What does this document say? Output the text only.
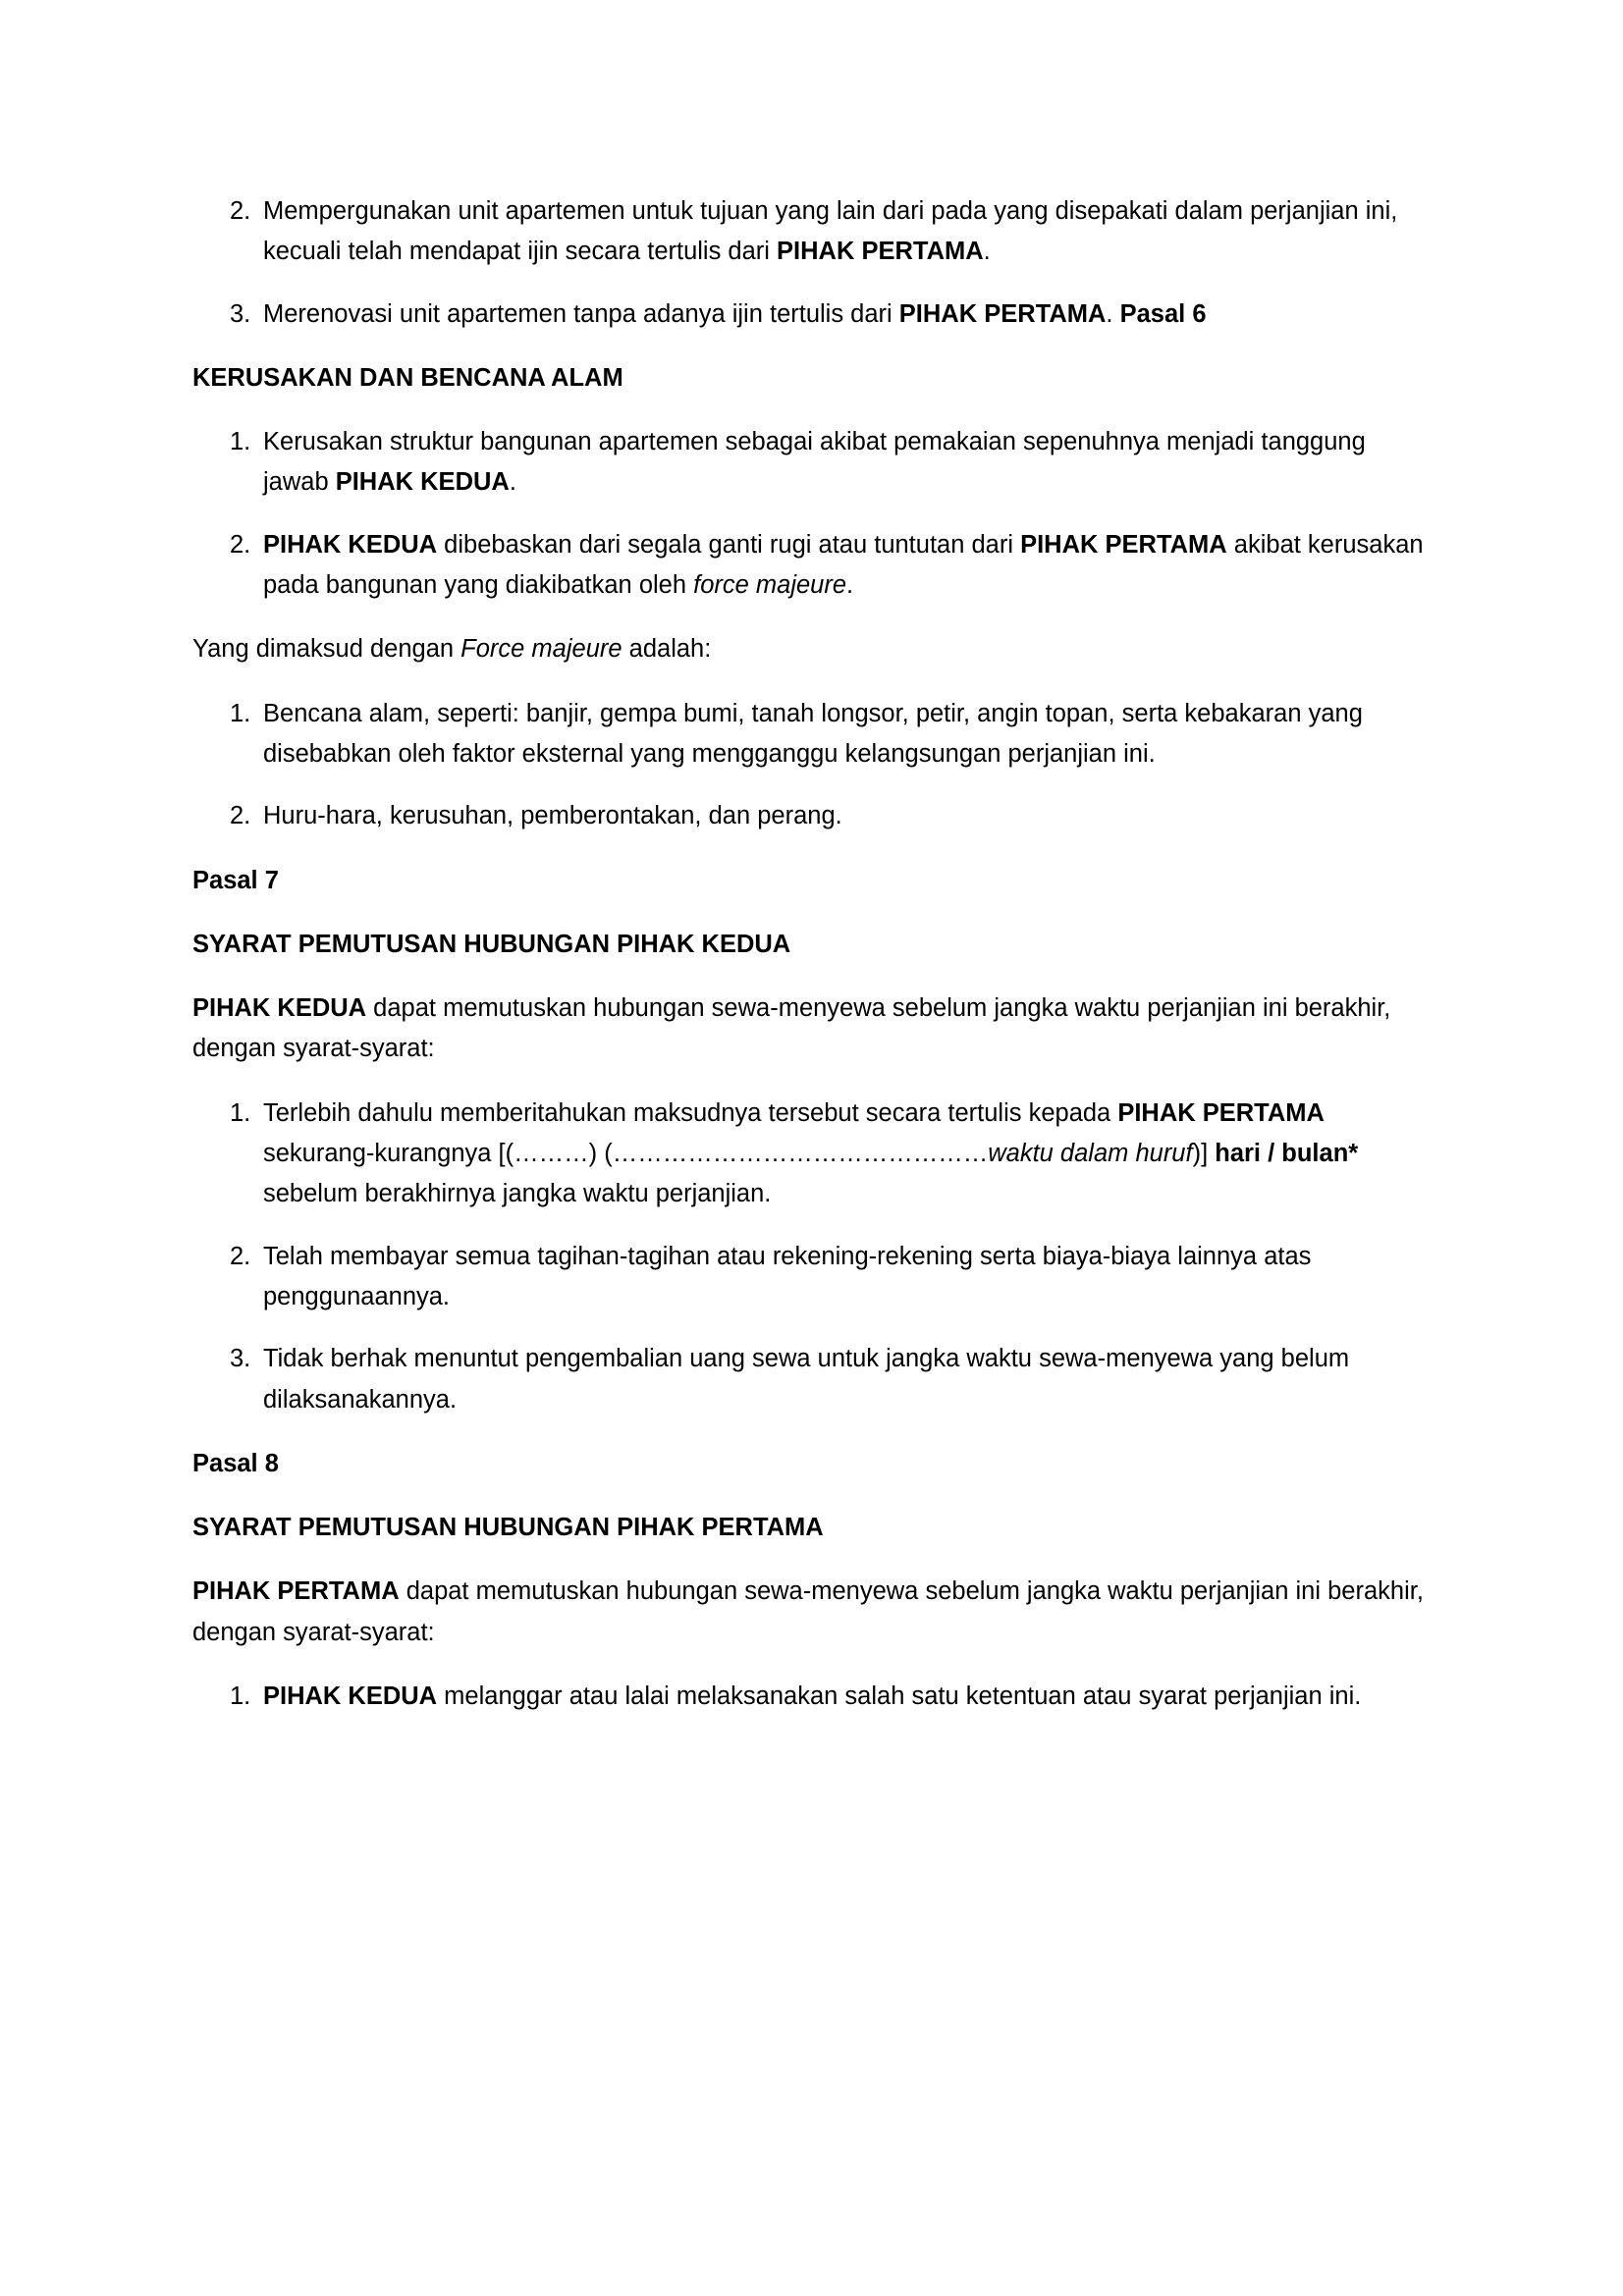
2. Mempergunakan unit apartemen untuk tujuan yang lain dari pada yang disepakati dalam perjanjian ini, kecuali telah mendapat ijin secara tertulis dari PIHAK PERTAMA.
3. Merenovasi unit apartemen tanpa adanya ijin tertulis dari PIHAK PERTAMA. Pasal 6

KERUSAKAN DAN BENCANA ALAM

1. Kerusakan struktur bangunan apartemen sebagai akibat pemakaian sepenuhnya menjadi tanggung jawab PIHAK KEDUA.
2. PIHAK KEDUA dibebaskan dari segala ganti rugi atau tuntutan dari PIHAK PERTAMA akibat kerusakan pada bangunan yang diakibatkan oleh force majeure.

Yang dimaksud dengan Force majeure adalah:

1. Bencana alam, seperti: banjir, gempa bumi, tanah longsor, petir, angin topan, serta kebakaran yang disebabkan oleh faktor eksternal yang mengganggu kelangsungan perjanjian ini.
2. Huru-hara, kerusuhan, pemberontakan, dan perang.

Pasal 7

SYARAT PEMUTUSAN HUBUNGAN PIHAK KEDUA

PIHAK KEDUA dapat memutuskan hubungan sewa-menyewa sebelum jangka waktu perjanjian ini berakhir, dengan syarat-syarat:

1. Terlebih dahulu memberitahukan maksudnya tersebut secara tertulis kepada PIHAK PERTAMA sekurang-kurangnya [(………) (………………………………………waktu dalam huruf)] hari / bulan* sebelum berakhirnya jangka waktu perjanjian.
2. Telah membayar semua tagihan-tagihan atau rekening-rekening serta biaya-biaya lainnya atas penggunaannya.
3. Tidak berhak menuntut pengembalian uang sewa untuk jangka waktu sewa-menyewa yang belum dilaksanakannya.

Pasal 8

SYARAT PEMUTUSAN HUBUNGAN PIHAK PERTAMA

PIHAK PERTAMA dapat memutuskan hubungan sewa-menyewa sebelum jangka waktu perjanjian ini berakhir, dengan syarat-syarat:

1. PIHAK KEDUA melanggar atau lalai melaksanakan salah satu ketentuan atau syarat perjanjian ini.
